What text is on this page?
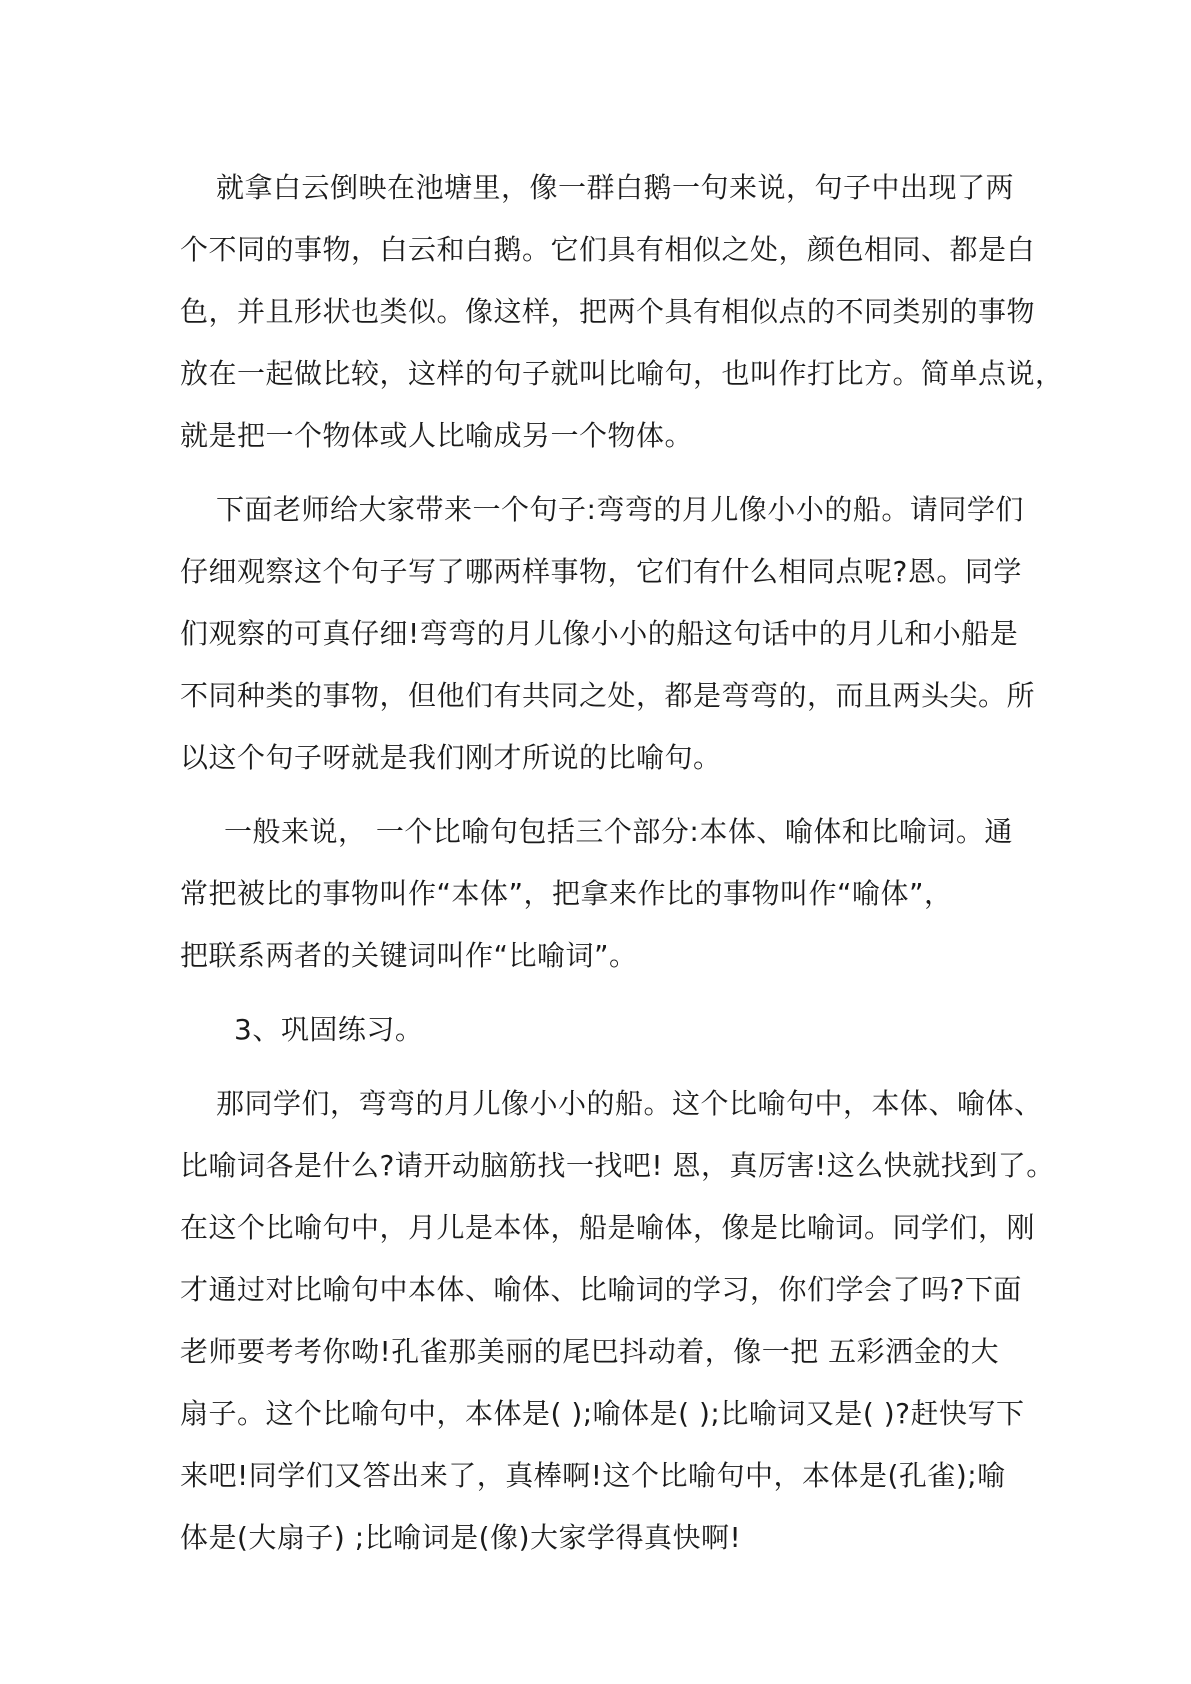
就拿白云倒映在池塘里，像一群白鹅一句来说，句子中出现了两
个不同的事物，白云和白鹅。它们具有相似之处，颜色相同、都是白
色，并且形状也类似。像这样，把两个具有相似点的不同类别的事物
放在一起做比较，这样的句子就叫比喻句，也叫作打比方。简单点说，
就是把一个物体或人比喻成另一个物体。
下面老师给大家带来一个句子:弯弯的月儿像小小的船。请同学们
仔细观察这个句子写了哪两样事物，它们有什么相同点呢?恩。同学
们观察的可真仔细!弯弯的月儿像小小的船这句话中的月儿和小船是
不同种类的事物，但他们有共同之处，都是弯弯的，而且两头尖。所
以这个句子呀就是我们刚才所说的比喻句。
一般来说， 一个比喻句包括三个部分:本体、喻体和比喻词。通
常把被比的事物叫作“本体”，把拿来作比的事物叫作“喻体”，
把联系两者的关键词叫作“比喻词”。
3、巩固练习。
那同学们，弯弯的月儿像小小的船。这个比喻句中，本体、喻体、
比喻词各是什么?请开动脑筋找一找吧! 恩，真厉害!这么快就找到了。
在这个比喻句中，月儿是本体，船是喻体，像是比喻词。同学们，刚
才通过对比喻句中本体、喻体、比喻词的学习，你们学会了吗?下面
老师要考考你呦!孔雀那美丽的尾巴抖动着，像一把 五彩洒金的大
扇子。这个比喻句中，本体是( );喻体是( );比喻词又是( )?赶快写下
来吧!同学们又答出来了，真棒啊!这个比喻句中，本体是(孔雀);喻
体是(大扇子) ;比喻词是(像)大家学得真快啊!
